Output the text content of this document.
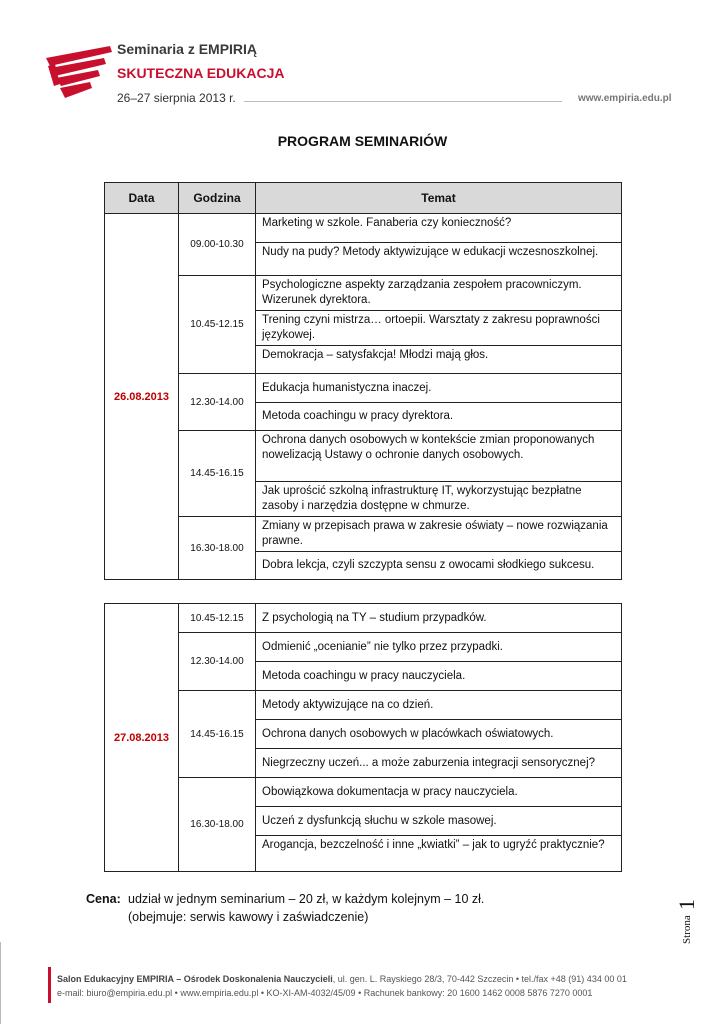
Seminaria z EMPIRIĄ
SKUTECZNA EDUKACJA
26–27 sierpnia 2013 r.	www.empiria.edu.pl
PROGRAM SEMINARIÓW
Data	Godzina	Temat
26.08.2013	09.00-10.30	Marketing w szkole. Fanaberia czy konieczność?
		Nudy na pudy? Metody aktywizujące w edukacji wczesnoszkolnej.
	10.45-12.15	Psychologiczne aspekty zarządzania zespołem pracowniczym. Wizerunek dyrektora.
		Trening czyni mistrza… ortoepii. Warsztaty z zakresu poprawności językowej.
		Demokracja – satysfakcja! Młodzi mają głos.
	12.30-14.00	Edukacja humanistyczna inaczej.
		Metoda coachingu w pracy dyrektora.
	14.45-16.15	Ochrona danych osobowych w kontekście zmian proponowanych nowelizacją Ustawy o ochronie danych osobowych.
		Jak uprościć szkolną infrastrukturę IT, wykorzystując bezpłatne zasoby i narzędzia dostępne w chmurze.
	16.30-18.00	Zmiany w przepisach prawa w zakresie oświaty – nowe rozwiązania prawne.
		Dobra lekcja, czyli szczypta sensu z owocami słodkiego sukcesu.
27.08.2013	10.45-12.15	Z psychologią na TY – studium przypadków.
	12.30-14.00	Odmienić „ocenianie” nie tylko przez przypadki.
		Metoda coachingu w pracy nauczyciela.
	14.45-16.15	Metody aktywizujące na co dzień.
		Ochrona danych osobowych w placówkach oświatowych.
		Niegrzeczny uczeń... a może zaburzenia integracji sensorycznej?
	16.30-18.00	Obowiązkowa dokumentacja w pracy nauczyciela.
		Uczeń z dysfunkcją słuchu w szkole masowej.
		Arogancja, bezczelność i inne „kwiatki” – jak to ugryźć praktycznie?
Cena: udział w jednym seminarium – 20 zł, w każdym kolejnym – 10 zł.
(obejmuje: serwis kawowy i zaświadczenie)	Strona
1
Salon Edukacyjny EMPIRIA – Ośrodek Doskonalenia Nauczycieli, ul. gen. L. Rayskiego 28/3, 70-442 Szczecin • tel./fax +48 (91) 434 00 01
e-mail: biuro@empiria.edu.pl • www.empiria.edu.pl • KO-XI-AM-4032/45/09 • Rachunek bankowy: 20 1600 1462 0008 5876 7270 0001
